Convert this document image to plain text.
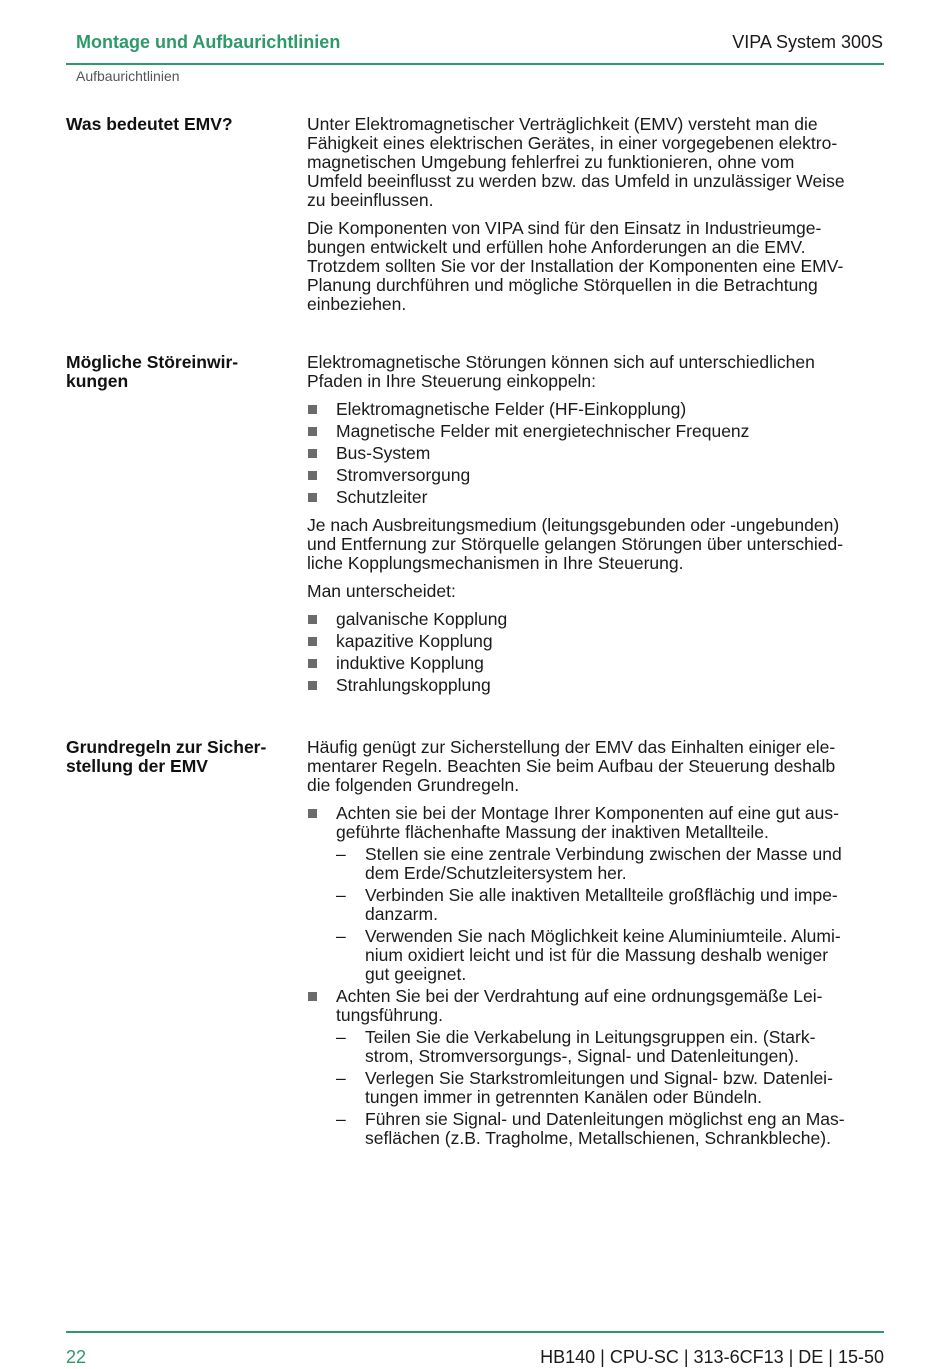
Montage und Aufbaurichtlinien	VIPA System 300S
Aufbaurichtlinien
Was bedeutet EMV?	Unter Elektromagnetischer Verträglichkeit (EMV) versteht man die
Fähigkeit eines elektrischen Gerätes, in einer vorgegebenen elektro-
magnetischen Umgebung fehlerfrei zu funktionieren, ohne vom
Umfeld beeinflusst zu werden bzw. das Umfeld in unzulässiger Weise
zu beeinflussen.

Die Komponenten von VIPA sind für den Einsatz in Industrieumge-
bungen entwickelt und erfüllen hohe Anforderungen an die EMV.
Trotzdem sollten Sie vor der Installation der Komponenten eine EMV-
Planung durchführen und mögliche Störquellen in die Betrachtung
einbeziehen.

Mögliche Störeinwir-
kungen

Elektromagnetische Störungen können sich auf unterschiedlichen
Pfaden in Ihre Steuerung einkoppeln:

Elektromagnetische Felder (HF-Einkopplung)
Magnetische Felder mit energietechnischer Frequenz
Bus-System
Stromversorgung
Schutzleiter

Je nach Ausbreitungsmedium (leitungsgebunden oder -ungebunden)
und Entfernung zur Störquelle gelangen Störungen über unterschied-
liche Kopplungsmechanismen in Ihre Steuerung.

Man unterscheidet:

galvanische Kopplung
kapazitive Kopplung
induktive Kopplung
Strahlungskopplung
Grundregeln zur Sicher-
stellung der EMV

Häufig genügt zur Sicherstellung der EMV das Einhalten einiger ele-
mentarer Regeln. Beachten Sie beim Aufbau der Steuerung deshalb
die folgenden Grundregeln.

Achten sie bei der Montage Ihrer Komponenten auf eine gut aus-
geführte flächenhafte Massung der inaktiven Metallteile.
– Stellen sie eine zentrale Verbindung zwischen der Masse und
dem Erde/Schutzleitersystem her.
– Verbinden Sie alle inaktiven Metallteile großflächig und impe-
danzarm.
– Verwenden Sie nach Möglichkeit keine Aluminiumteile. Alumi-
nium oxidiert leicht und ist für die Massung deshalb weniger
gut geeignet.
Achten Sie bei der Verdrahtung auf eine ordnungsgemäße Lei-
tungsführung.
– Teilen Sie die Verkabelung in Leitungsgruppen ein. (Stark-
strom, Stromversorgungs-, Signal- und Datenleitungen).
– Verlegen Sie Starkstromleitungen und Signal- bzw. Datenlei-
tungen immer in getrennten Kanälen oder Bündeln.
– Führen sie Signal- und Datenleitungen möglichst eng an Mas-
seflächen (z.B. Tragholme, Metallschienen, Schrankbleche).
22	HB140 | CPU-SC | 313-6CF13 | DE | 15-50
